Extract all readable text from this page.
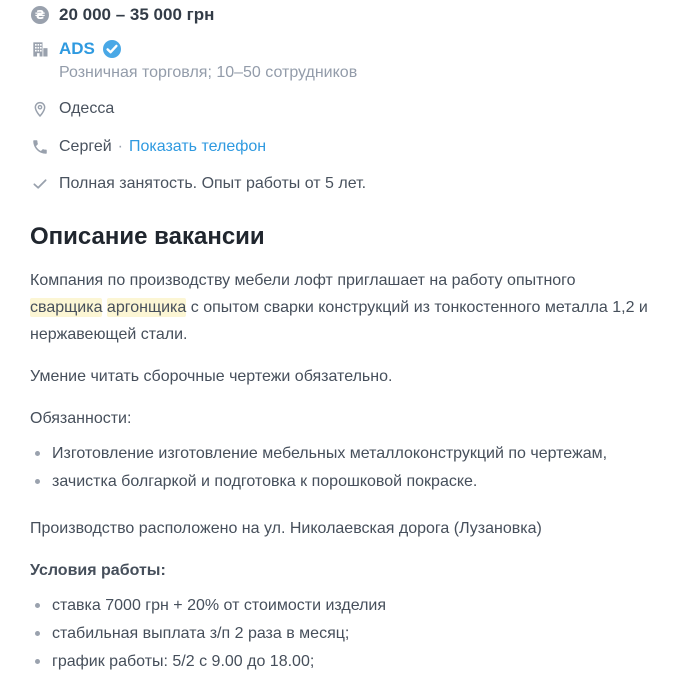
₴ 20 000 – 35 000 грн
ADS
Розничная торговля; 10–50 сотрудников
Одесса
Сергей · Показать телефон
Полная занятость. Опыт работы от 5 лет.
Описание вакансии

Компания по производству мебели лофт приглашает на работу опытного сварщика аргонщика с опытом сварки конструкций из тонкостенного металла 1,2 и нержавеющей стали.

Умение читать сборочные чертежи обязательно.

Обязанности:

Изготовление изготовление мебельных металлоконструкций по чертежам,
зачистка болгаркой и подготовка к порошковой покраске.

Производство расположено на ул. Николаевская дорога (Лузановка)

Условия работы:

ставка 7000 грн + 20% от стоимости изделия
стабильная выплата з/п 2 раза в месяц;
график работы: 5/2 с 9.00 до 18.00;
